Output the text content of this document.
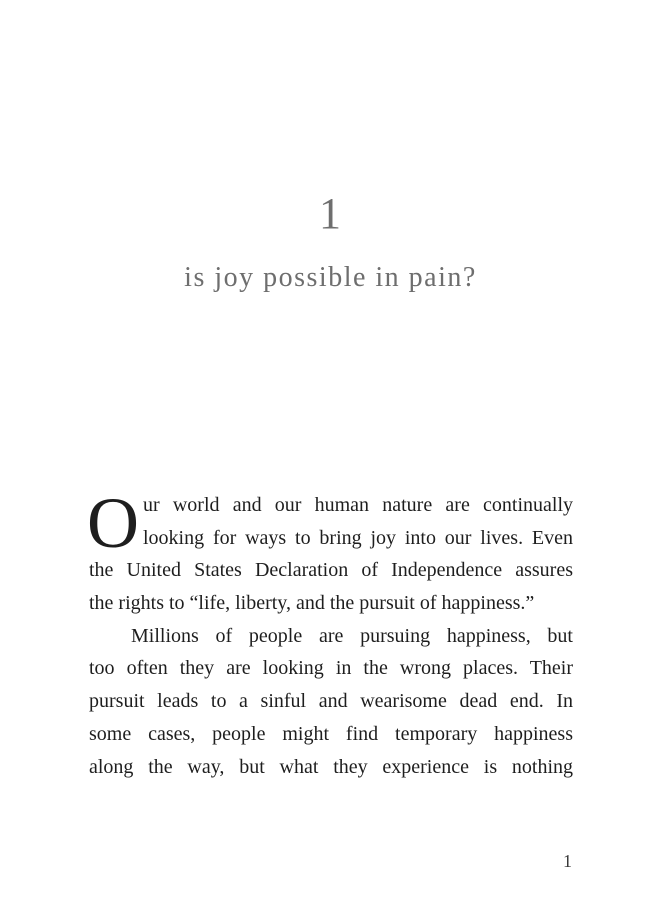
1
is joy possible in pain?
O ur world and our human nature are continually
looking for ways to bring joy into our lives. Even
the United States Declaration of Independence assures
the rights to “life, liberty, and the pursuit of happiness.”
Millions of people are pursuing happiness, but
too often they are looking in the wrong places. Their
pursuit leads to a sinful and wearisome dead end. In
some cases, people might find temporary happiness
along the way, but what they experience is nothing
1
